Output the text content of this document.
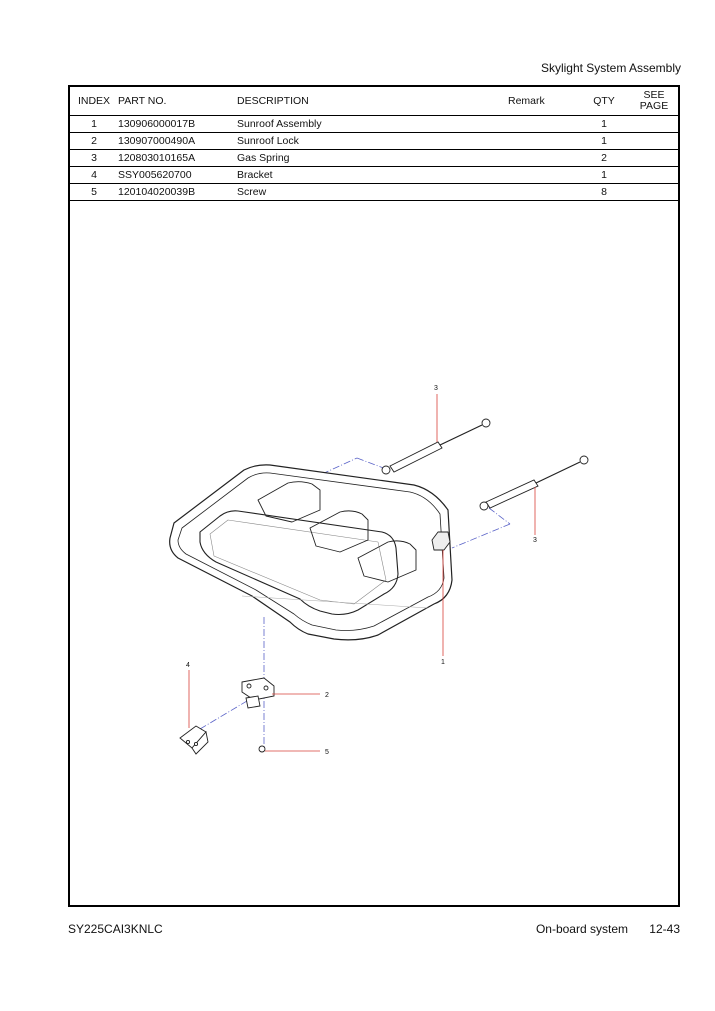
Skylight System Assembly
INDEX	PART NO.	DESCRIPTION	Remark	QTY	SEE
PAGE
1	130906000017B	Sunroof Assembly		1	
2	130907000490A	Sunroof Lock		1	
3	120803010165A	Gas Spring		2	
4	SSY005620700	Bracket		1	
5	120104020039B	Screw		8	
3
3
1
4
2
5
SY225CAI3KNLC	On-board system 12-43
